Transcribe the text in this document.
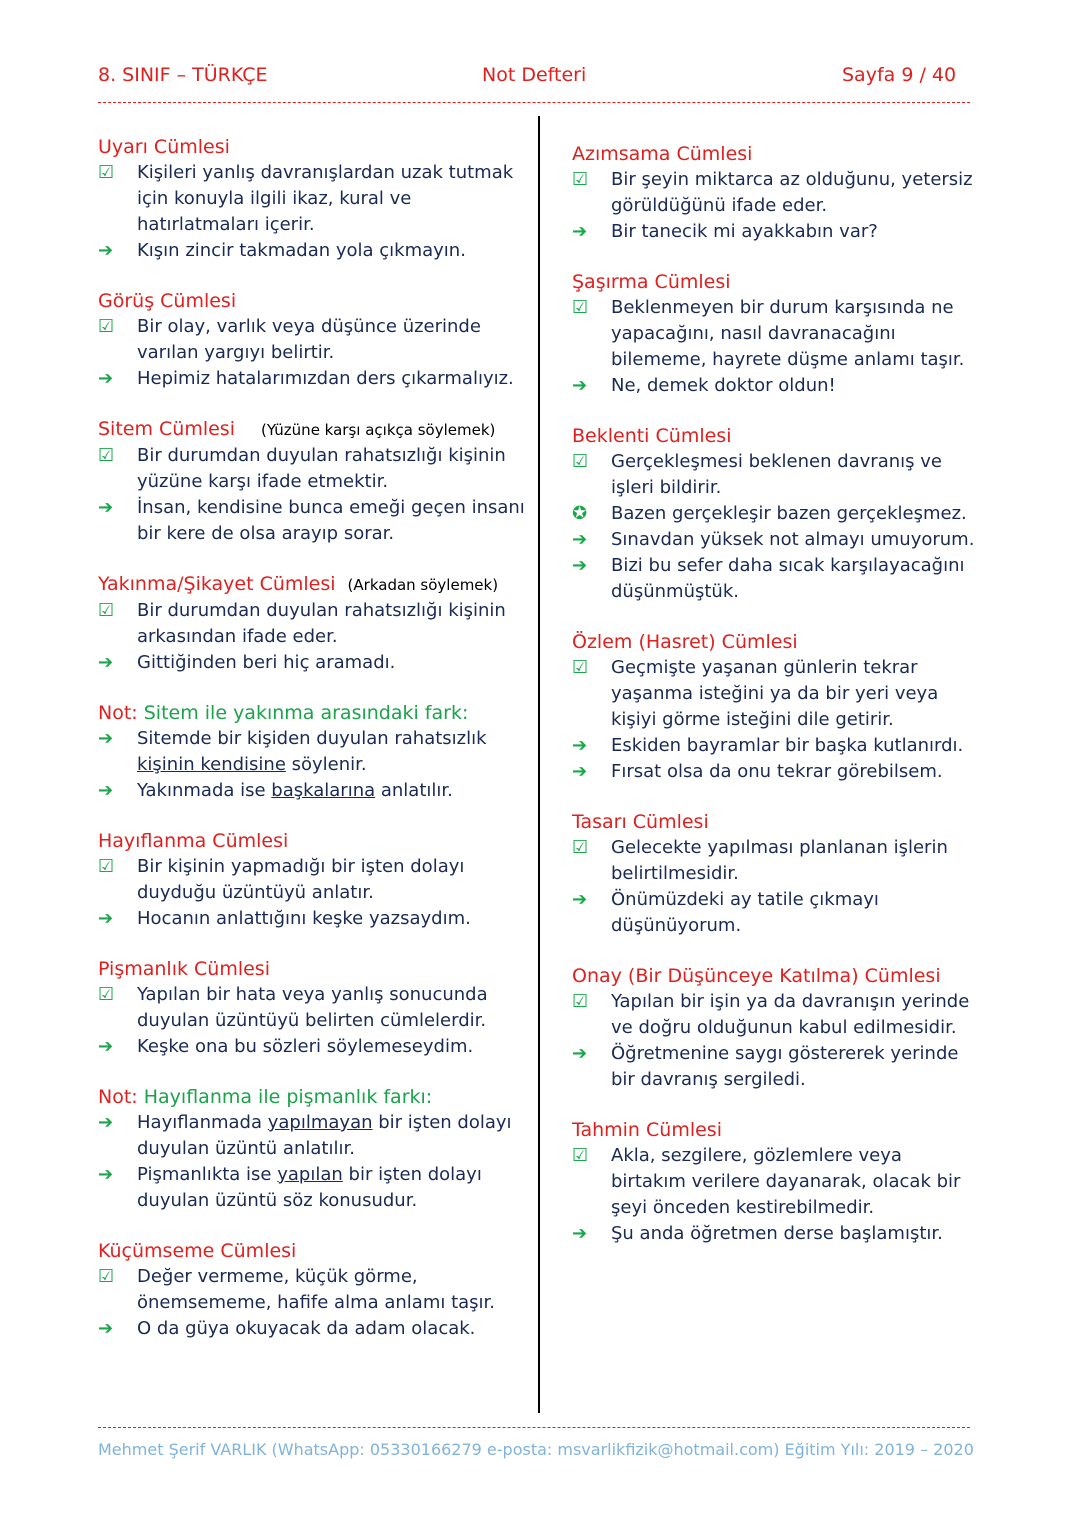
8. SINIF – TÜRKÇE	Not Defteri	Sayfa 9 / 40
Uyarı Cümlesi
☑	Kişileri yanlış davranışlardan uzak tutmak için konuyla ilgili ikaz, kural ve hatırlatmaları içerir.
➔	Kışın zincir takmadan yola çıkmayın.
Görüş Cümlesi
☑	Bir olay, varlık veya düşünce üzerinde varılan yargıyı belirtir.
➔	Hepimiz hatalarımızdan ders çıkarmalıyız.
Sitem Cümlesi (Yüzüne karşı açıkça söylemek)
☑	Bir durumdan duyulan rahatsızlığı kişinin yüzüne karşı ifade etmektir.
➔	İnsan, kendisine bunca emeği geçen insanı bir kere de olsa arayıp sorar.
Yakınma/Şikayet Cümlesi (Arkadan söylemek)
☑	Bir durumdan duyulan rahatsızlığı kişinin arkasından ifade eder.
➔	Gittiğinden beri hiç aramadı.
Not: Sitem ile yakınma arasındaki fark:
➔	Sitemde bir kişiden duyulan rahatsızlık kişinin kendisine söylenir.
➔	Yakınmada ise başkalarına anlatılır.
Hayıflanma Cümlesi
☑	Bir kişinin yapmadığı bir işten dolayı duyduğu üzüntüyü anlatır.
➔	Hocanın anlattığını keşke yazsaydım.
Pişmanlık Cümlesi
☑	Yapılan bir hata veya yanlış sonucunda duyulan üzüntüyü belirten cümlelerdir.
➔	Keşke ona bu sözleri söylemeseydim.
Not: Hayıflanma ile pişmanlık farkı:
➔	Hayıflanmada yapılmayan bir işten dolayı duyulan üzüntü anlatılır.
➔	Pişmanlıkta ise yapılan bir işten dolayı duyulan üzüntü söz konusudur.
Küçümseme Cümlesi
☑	Değer vermeme, küçük görme, önemsememe, hafife alma anlamı taşır.
➔	O da güya okuyacak da adam olacak.
Azımsama Cümlesi
☑	Bir şeyin miktarca az olduğunu, yetersiz görüldüğünü ifade eder.
➔	Bir tanecik mi ayakkabın var?
Şaşırma Cümlesi
☑	Beklenmeyen bir durum karşısında ne yapacağını, nasıl davranacağını bilememe, hayrete düşme anlamı taşır.
➔	Ne, demek doktor oldun!
Beklenti Cümlesi
☑	Gerçekleşmesi beklenen davranış ve işleri bildirir.
✪	Bazen gerçekleşir bazen gerçekleşmez.
➔	Sınavdan yüksek not almayı umuyorum.
➔	Bizi bu sefer daha sıcak karşılayacağını düşünmüştük.
Özlem (Hasret) Cümlesi
☑	Geçmişte yaşanan günlerin tekrar yaşanma isteğini ya da bir yeri veya kişiyi görme isteğini dile getirir.
➔	Eskiden bayramlar bir başka kutlanırdı.
➔	Fırsat olsa da onu tekrar görebilsem.
Tasarı Cümlesi
☑	Gelecekte yapılması planlanan işlerin belirtilmesidir.
➔	Önümüzdeki ay tatile çıkmayı düşünüyorum.
Onay (Bir Düşünceye Katılma) Cümlesi
☑	Yapılan bir işin ya da davranışın yerinde ve doğru olduğunun kabul edilmesidir.
➔	Öğretmenine saygı göstererek yerinde bir davranış sergiledi.
Tahmin Cümlesi
☑	Akla, sezgilere, gözlemlere veya birtakım verilere dayanarak, olacak bir şeyi önceden kestirebilmedir.
➔	Şu anda öğretmen derse başlamıştır.
Mehmet Şerif VARLIK (WhatsApp: 05330166279 e-posta: msvarlikfizik@hotmail.com) Eğitim Yılı: 2019 – 2020
